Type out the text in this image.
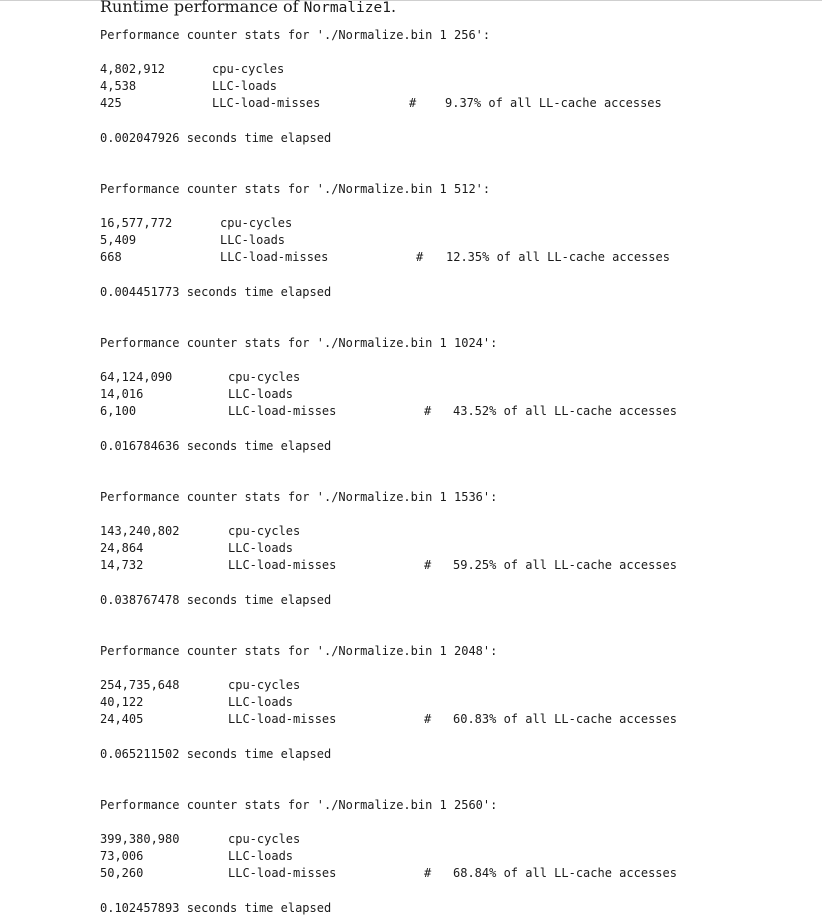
Runtime performance of Normalize1.
Performance counter stats for './Normalize.bin 1 256':
4,802,912	cpu-cycles
4,538	LLC-loads
425	LLC-load-misses	# 9.37% of all LL-cache accesses
0.002047926 seconds time elapsed
Performance counter stats for './Normalize.bin 1 512':
16,577,772	cpu-cycles
5,409	LLC-loads
668	LLC-load-misses	# 12.35% of all LL-cache accesses
0.004451773 seconds time elapsed
Performance counter stats for './Normalize.bin 1 1024':
64,124,090	cpu-cycles
14,016	LLC-loads
6,100	LLC-load-misses	# 43.52% of all LL-cache accesses
0.016784636 seconds time elapsed
Performance counter stats for './Normalize.bin 1 1536':
143,240,802	cpu-cycles
24,864	LLC-loads
14,732	LLC-load-misses	# 59.25% of all LL-cache accesses
0.038767478 seconds time elapsed
Performance counter stats for './Normalize.bin 1 2048':
254,735,648	cpu-cycles
40,122	LLC-loads
24,405	LLC-load-misses	# 60.83% of all LL-cache accesses
0.065211502 seconds time elapsed
Performance counter stats for './Normalize.bin 1 2560':
399,380,980	cpu-cycles
73,006	LLC-loads
50,260	LLC-load-misses	# 68.84% of all LL-cache accesses
0.102457893 seconds time elapsed
